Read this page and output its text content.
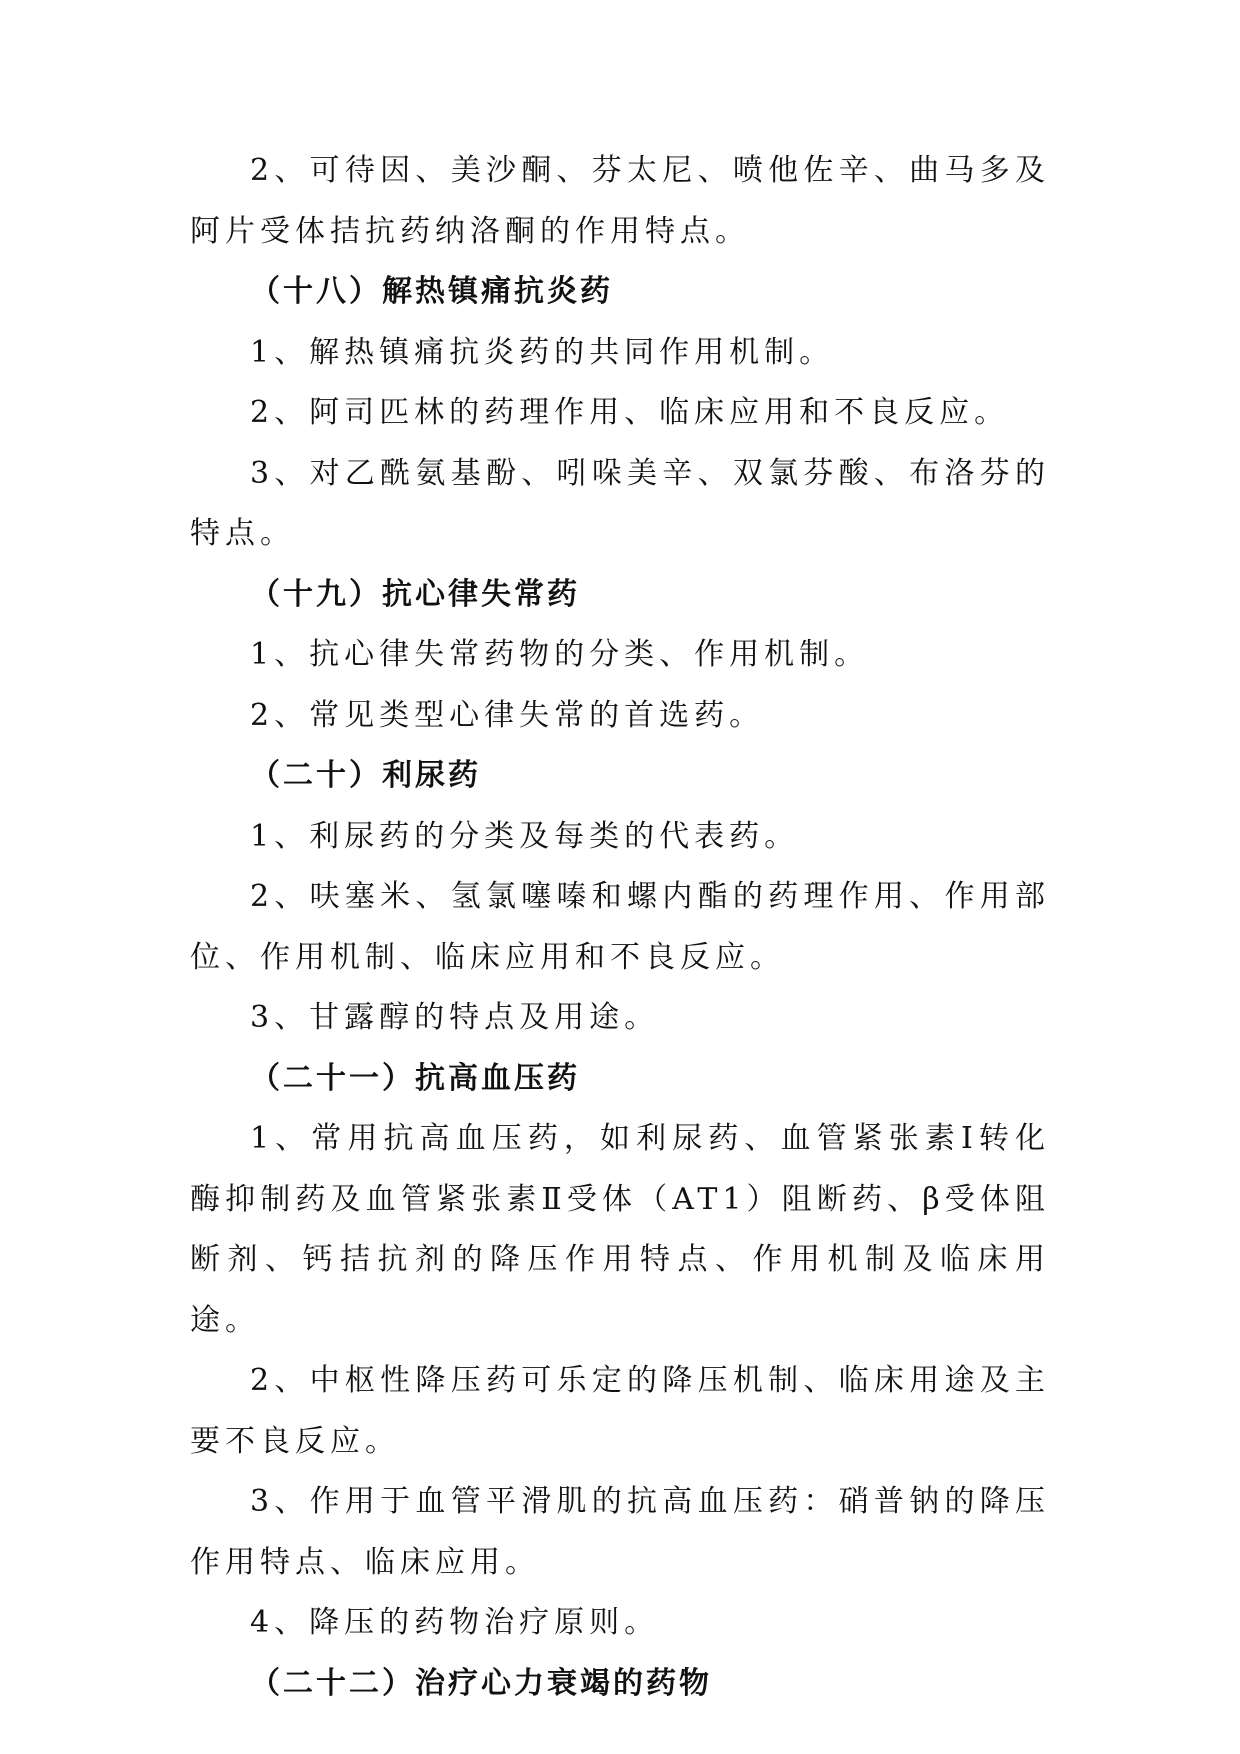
2、可待因、美沙酮、芬太尼、喷他佐辛、曲马多及阿片受体拮抗药纳洛酮的作用特点。

（十八）解热镇痛抗炎药

1、解热镇痛抗炎药的共同作用机制。

2、阿司匹林的药理作用、临床应用和不良反应。

3、对乙酰氨基酚、吲哚美辛、双氯芬酸、布洛芬的特点。

（十九）抗心律失常药

1、抗心律失常药物的分类、作用机制。

2、常见类型心律失常的首选药。

（二十）利尿药

1、利尿药的分类及每类的代表药。

2、呋塞米、氢氯噻嗪和螺内酯的药理作用、作用部位、作用机制、临床应用和不良反应。

3、甘露醇的特点及用途。

（二十一）抗高血压药

1、常用抗高血压药，如利尿药、血管紧张素Ⅰ转化酶抑制药及血管紧张素Ⅱ受体（AT1）阻断药、β受体阻断剂、钙拮抗剂的降压作用特点、作用机制及临床用途。

2、中枢性降压药可乐定的降压机制、临床用途及主要不良反应。

3、作用于血管平滑肌的抗高血压药：硝普钠的降压作用特点、临床应用。

4、降压的药物治疗原则。

（二十二）治疗心力衰竭的药物
